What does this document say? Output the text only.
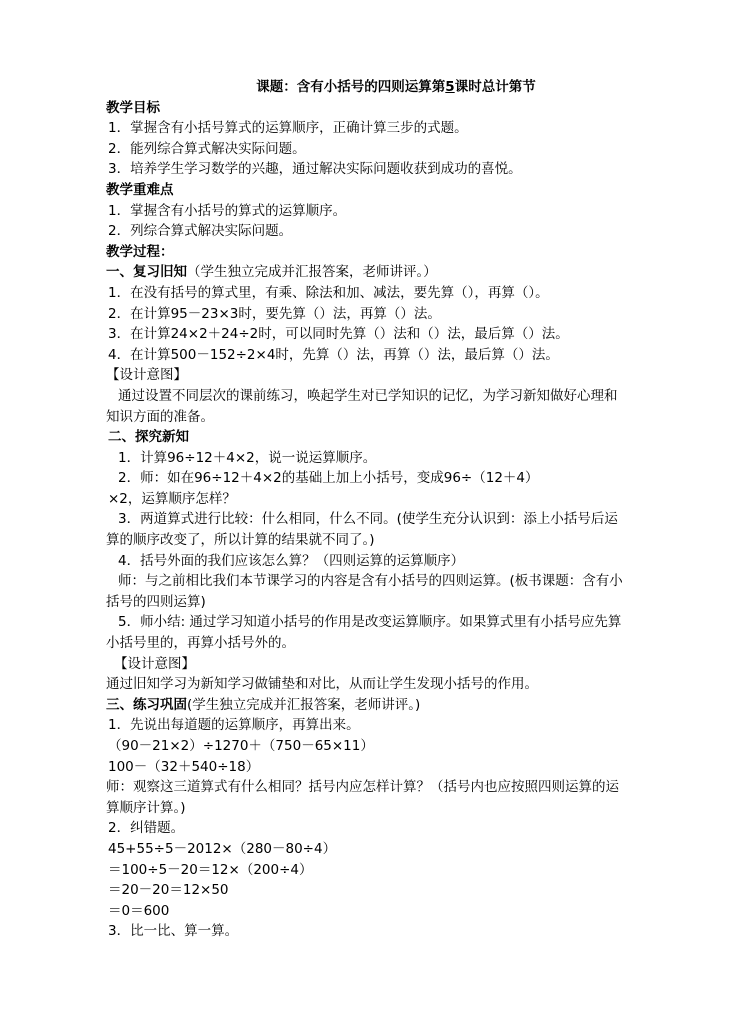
课题：含有小括号的四则运算第5课时总计第节
教学目标
1．掌握含有小括号算式的运算顺序，正确计算三步的式题。
2．能列综合算式解决实际问题。
3．培养学生学习数学的兴趣，通过解决实际问题收获到成功的喜悦。
教学重难点
1．掌握含有小括号的算式的运算顺序。
2．列综合算式解决实际问题。
教学过程：
一、复习旧知（学生独立完成并汇报答案，老师讲评。）
1．在没有括号的算式里，有乘、除法和加、减法，要先算（），再算（）。
2．在计算95－23×3时，要先算（）法，再算（）法。
3．在计算24×2＋24÷2时，可以同时先算（）法和（）法，最后算（）法。
4．在计算500－152÷2×4时，先算（）法，再算（）法，最后算（）法。
【设计意图】
通过设置不同层次的课前练习，唤起学生对已学知识的记忆，为学习新知做好心理和知识方面的准备。
二、探究新知
1．计算96÷12＋4×2，说一说运算顺序。
2．师：如在96÷12＋4×2的基础上加上小括号，变成96÷（12＋4）
×2，运算顺序怎样？
3．两道算式进行比较：什么相同，什么不同。(使学生充分认识到：添上小括号后运算的顺序改变了，所以计算的结果就不同了。)
4．括号外面的我们应该怎么算？（四则运算的运算顺序）
师：与之前相比我们本节课学习的内容是含有小括号的四则运算。(板书课题：含有小括号的四则运算)
5．师小结: 通过学习知道小括号的作用是改变运算顺序。如果算式里有小括号应先算小括号里的，再算小括号外的。
【设计意图】
通过旧知学习为新知学习做铺垫和对比，从而让学生发现小括号的作用。
三、练习巩固(学生独立完成并汇报答案，老师讲评。)
1．先说出每道题的运算顺序，再算出来。
（90－21×2）÷1270＋（750－65×11）
100－（32＋540÷18）
师：观察这三道算式有什么相同？括号内应怎样计算？（括号内也应按照四则运算的运算顺序计算。)
2．纠错题。
45+55÷5－2012×（280－80÷4）
＝100÷5－20＝12×（200÷4）
＝20－20＝12×50
＝0＝600
3．比一比、算一算。
